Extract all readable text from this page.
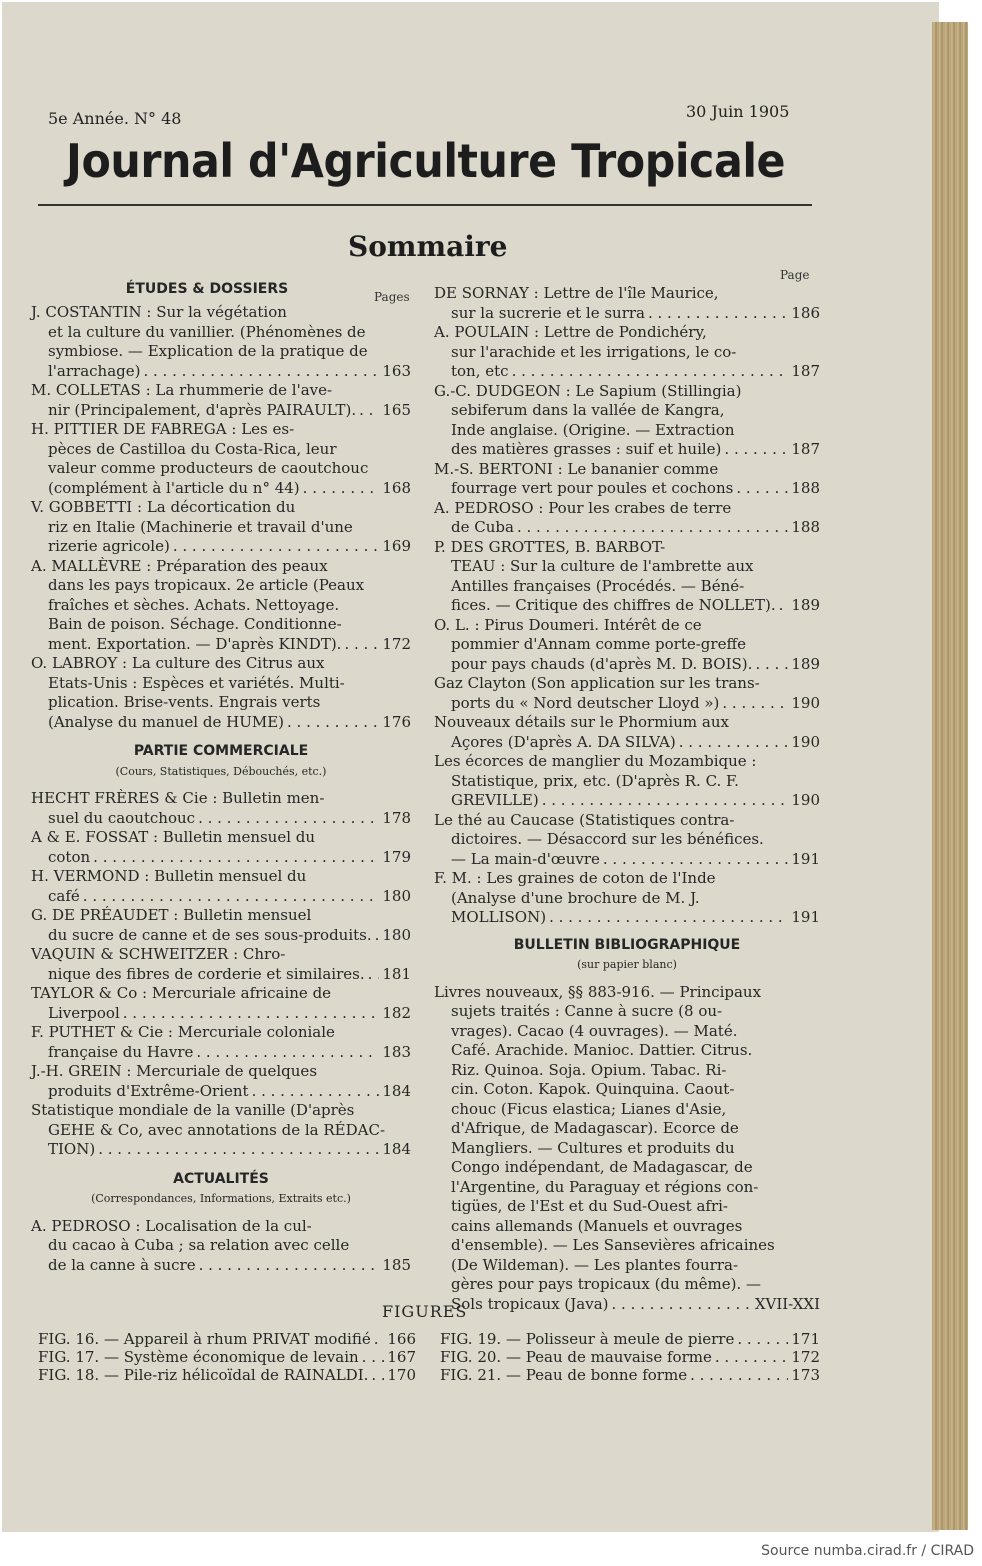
5e Année. N° 48	30 Juin 1905
Journal d'Agriculture Tropicale
Sommaire
Pages
Page
ÉTUDES & DOSSIERS
J. COSTANTIN : Sur la végétation
et la culture du vanillier. (Phénomènes de
symbiose. — Explication de la pratique de
l'arrachage) . . .	163
M. COLLETAS : La rhummerie de l'ave-
nir (Principalement, d'après PAIRAULT). . . . 165
H. PITTIER DE FABREGA : Les es-
pèces de Castilloa du Costa-Rica, leur
valeur comme producteurs de caoutchouc
(complément à l'article du n° 44) . . .	168
V. GOBBETTI : La décortication du
riz en Italie (Machinerie et travail d'une
rizerie agricole) . . .	169
A. MALLÈVRE : Préparation des peaux
dans les pays tropicaux. 2e article (Peaux
fraîches et sèches. Achats. Nettoyage.
Bain de poison. Séchage. Conditionne-
ment. Exportation. — D'après KINDT). . . .	172
O. LABROY : La culture des Citrus aux
Etats-Unis : Espèces et variétés. Multi-
plication. Brise-vents. Engrais verts
(Analyse du manuel de HUME) . . .	176
PARTIE COMMERCIALE
(Cours, Statistiques, Débouchés, etc.)
HECHT FRÈRES & Cie : Bulletin men-
suel du caoutchouc . . .	178
A & E. FOSSAT : Bulletin mensuel du
coton . . .	179
H. VERMOND : Bulletin mensuel du
café . . .	180
G. DE PRÉAUDET : Bulletin mensuel
du sucre de canne et de ses sous-produits. . . . 180
VAQUIN & SCHWEITZER : Chro-
nique des fibres de corderie et similaires. . . . 181
TAYLOR & Co : Mercuriale africaine de
Liverpool . . .	182
F. PUTHET & Cie : Mercuriale coloniale
française du Havre . . .	183
J.-H. GREIN : Mercuriale de quelques
produits d'Extrême-Orient . . .	184
Statistique mondiale de la vanille (D'après
GEHE & Co, avec annotations de la RÉDAC-
TION) . . .	184
ACTUALITÉS
(Correspondances, Informations, Extraits etc.)
A. PEDROSO : Localisation de la cul-
du cacao à Cuba ; sa relation avec celle
de la canne à sucre . . .	185
DE SORNAY : Lettre de l'île Maurice,
sur la sucrerie et le surra . . .	186
A. POULAIN : Lettre de Pondichéry,
sur l'arachide et les irrigations, le co-
ton, etc . . .	187
G.-C. DUDGEON : Le Sapium (Stillingia)
sebiferum dans la vallée de Kangra,
Inde anglaise. (Origine. — Extraction
des matières grasses : suif et huile) . . .	187
M.-S. BERTONI : Le bananier comme
fourrage vert pour poules et cochons . . .	188
A. PEDROSO : Pour les crabes de terre
de Cuba . . .	188
P. DES GROTTES, B. BARBOT-
TEAU : Sur la culture de l'ambrette aux
Antilles françaises (Procédés. — Béné-
fices. — Critique des chiffres de NOLLET). . . . 189
O. L. : Pirus Doumeri. Intérêt de ce
pommier d'Annam comme porte-greffe
pour pays chauds (d'après M. D. BOIS). . . .	189
Gaz Clayton (Son application sur les trans-
ports du « Nord deutscher Lloyd ») . . .	190
Nouveaux détails sur le Phormium aux
Açores (D'après A. DA SILVA) . . .	190
Les écorces de manglier du Mozambique :
Statistique, prix, etc. (D'après R. C. F.
GREVILLE) . . .	190
Le thé au Caucase (Statistiques contra-
dictoires. — Désaccord sur les bénéfices.
— La main-d'œuvre . . .	191
F. M. : Les graines de coton de l'Inde
(Analyse d'une brochure de M. J.
MOLLISON) . . .	191
BULLETIN BIBLIOGRAPHIQUE
(sur papier blanc)
Livres nouveaux, §§ 883-916. — Principaux
sujets traités : Canne à sucre (8 ou-
vrages). Cacao (4 ouvrages). — Maté.
Café. Arachide. Manioc. Dattier. Citrus.
Riz. Quinoa. Soja. Opium. Tabac. Ri-
cin. Coton. Kapok. Quinquina. Caout-
chouc (Ficus elastica; Lianes d'Asie,
d'Afrique, de Madagascar). Ecorce de
Mangliers. — Cultures et produits du
Congo indépendant, de Madagascar, de
l'Argentine, du Paraguay et régions con-
tigües, de l'Est et du Sud-Ouest afri-
cains allemands (Manuels et ouvrages
d'ensemble). — Les Sansevières africaines
(De Wildeman). — Les plantes fourra-
gères pour pays tropicaux (du même). —
Sols tropicaux (Java) . . .	XVII-XXI
FIGURES
FIG. 16. — Appareil à rhum PRIVAT modifié . . . 166
FIG. 17. — Système économique de levain . . . 167
FIG. 18. — Pile-riz hélicoïdal de RAINALDI. . . . 170
FIG. 19. — Polisseur à meule de pierre . . .	171
FIG. 20. — Peau de mauvaise forme . . .	172
FIG. 21. — Peau de bonne forme . . .	173
Source numba.cirad.fr / CIRAD
